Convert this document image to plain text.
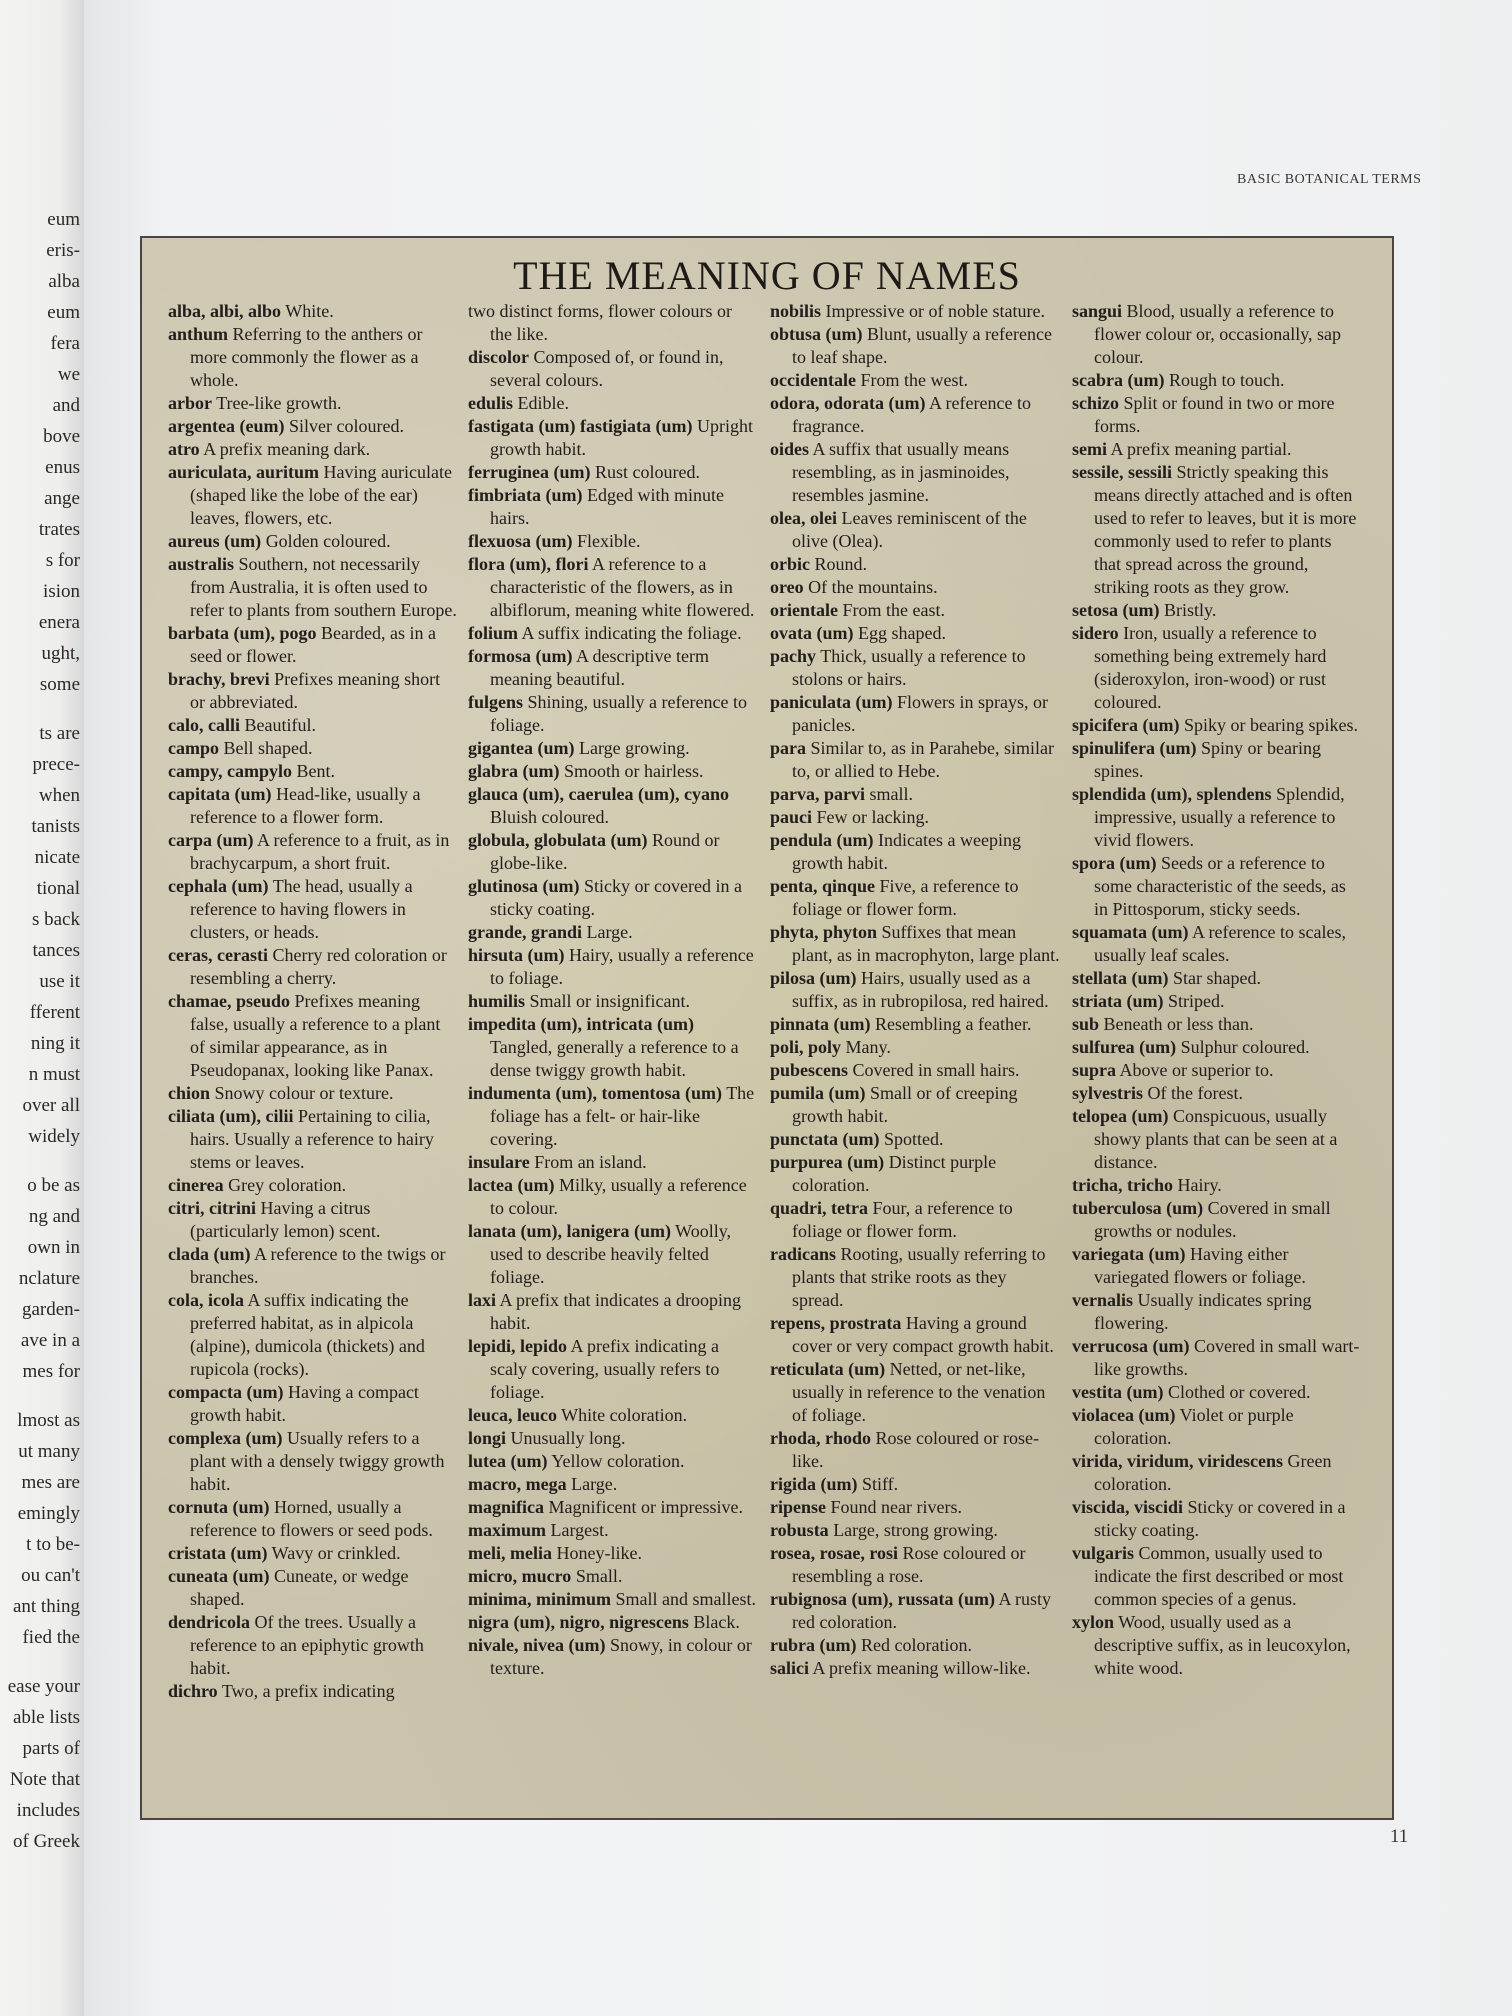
eum
eris-
alba
eum
fera
we
and
bove
enus
ange
trates
s for
ision
enera
ught,
some
ts are
prece-
when
tanists
nicate
tional
s back
tances
use it
fferent
ning it
n must
over all
widely
o be as
ng and
own in
nclature
garden-
ave in a
mes for
lmost as
ut many
mes are
emingly
t to be-
ou can't
ant thing
fied the
ease your
able lists
parts of
Note that
includes
of Greek
BASIC BOTANICAL TERMS
THE MEANING OF NAMES
alba, albi, albo White.
anthum Referring to the anthers or more commonly the flower as a whole.
arbor Tree-like growth.
argentea (eum) Silver coloured.
atro A prefix meaning dark.
auriculata, auritum Having auriculate (shaped like the lobe of the ear) leaves, flowers, etc.
aureus (um) Golden coloured.
australis Southern, not necessarily from Australia, it is often used to refer to plants from southern Europe.
barbata (um), pogo Bearded, as in a seed or flower.
brachy, brevi Prefixes meaning short or abbreviated.
calo, calli Beautiful.
campo Bell shaped.
campy, campylo Bent.
capitata (um) Head-like, usually a reference to a flower form.
carpa (um) A reference to a fruit, as in brachycarpum, a short fruit.
cephala (um) The head, usually a reference to having flowers in clusters, or heads.
ceras, cerasti Cherry red coloration or resembling a cherry.
chamae, pseudo Prefixes meaning false, usually a reference to a plant of similar appearance, as in Pseudopanax, looking like Panax.
chion Snowy colour or texture.
ciliata (um), cilii Pertaining to cilia, hairs. Usually a reference to hairy stems or leaves.
cinerea Grey coloration.
citri, citrini Having a citrus (particularly lemon) scent.
clada (um) A reference to the twigs or branches.
cola, icola A suffix indicating the preferred habitat, as in alpicola (alpine), dumicola (thickets) and rupicola (rocks).
compacta (um) Having a compact growth habit.
complexa (um) Usually refers to a plant with a densely twiggy growth habit.
cornuta (um) Horned, usually a reference to flowers or seed pods.
cristata (um) Wavy or crinkled.
cuneata (um) Cuneate, or wedge shaped.
dendricola Of the trees. Usually a reference to an epiphytic growth habit.
dichro Two, a prefix indicating
two distinct forms, flower colours or the like.
discolor Composed of, or found in, several colours.
edulis Edible.
fastigata (um) fastigiata (um) Upright growth habit.
ferruginea (um) Rust coloured.
fimbriata (um) Edged with minute hairs.
flexuosa (um) Flexible.
flora (um), flori A reference to a characteristic of the flowers, as in albiflorum, meaning white flowered.
folium A suffix indicating the foliage.
formosa (um) A descriptive term meaning beautiful.
fulgens Shining, usually a reference to foliage.
gigantea (um) Large growing.
glabra (um) Smooth or hairless.
glauca (um), caerulea (um), cyano Bluish coloured.
globula, globulata (um) Round or globe-like.
glutinosa (um) Sticky or covered in a sticky coating.
grande, grandi Large.
hirsuta (um) Hairy, usually a reference to foliage.
humilis Small or insignificant.
impedita (um), intricata (um) Tangled, generally a reference to a dense twiggy growth habit.
indumenta (um), tomentosa (um) The foliage has a felt- or hair-like covering.
insulare From an island.
lactea (um) Milky, usually a reference to colour.
lanata (um), lanigera (um) Woolly, used to describe heavily felted foliage.
laxi A prefix that indicates a drooping habit.
lepidi, lepido A prefix indicating a scaly covering, usually refers to foliage.
leuca, leuco White coloration.
longi Unusually long.
lutea (um) Yellow coloration.
macro, mega Large.
magnifica Magnificent or impressive.
maximum Largest.
meli, melia Honey-like.
micro, mucro Small.
minima, minimum Small and smallest.
nigra (um), nigro, nigrescens Black.
nivale, nivea (um) Snowy, in colour or texture.
nobilis Impressive or of noble stature.
obtusa (um) Blunt, usually a reference to leaf shape.
occidentale From the west.
odora, odorata (um) A reference to fragrance.
oides A suffix that usually means resembling, as in jasminoides, resembles jasmine.
olea, olei Leaves reminiscent of the olive (Olea).
orbic Round.
oreo Of the mountains.
orientale From the east.
ovata (um) Egg shaped.
pachy Thick, usually a reference to stolons or hairs.
paniculata (um) Flowers in sprays, or panicles.
para Similar to, as in Parahebe, similar to, or allied to Hebe.
parva, parvi small.
pauci Few or lacking.
pendula (um) Indicates a weeping growth habit.
penta, qinque Five, a reference to foliage or flower form.
phyta, phyton Suffixes that mean plant, as in macrophyton, large plant.
pilosa (um) Hairs, usually used as a suffix, as in rubropilosa, red haired.
pinnata (um) Resembling a feather.
poli, poly Many.
pubescens Covered in small hairs.
pumila (um) Small or of creeping growth habit.
punctata (um) Spotted.
purpurea (um) Distinct purple coloration.
quadri, tetra Four, a reference to foliage or flower form.
radicans Rooting, usually referring to plants that strike roots as they spread.
repens, prostrata Having a ground cover or very compact growth habit.
reticulata (um) Netted, or net-like, usually in reference to the venation of foliage.
rhoda, rhodo Rose coloured or rose-like.
rigida (um) Stiff.
ripense Found near rivers.
robusta Large, strong growing.
rosea, rosae, rosi Rose coloured or resembling a rose.
rubignosa (um), russata (um) A rusty red coloration.
rubra (um) Red coloration.
salici A prefix meaning willow-like.
sangui Blood, usually a reference to flower colour or, occasionally, sap colour.
scabra (um) Rough to touch.
schizo Split or found in two or more forms.
semi A prefix meaning partial.
sessile, sessili Strictly speaking this means directly attached and is often used to refer to leaves, but it is more commonly used to refer to plants that spread across the ground, striking roots as they grow.
setosa (um) Bristly.
sidero Iron, usually a reference to something being extremely hard (sideroxylon, iron-wood) or rust coloured.
spicifera (um) Spiky or bearing spikes.
spinulifera (um) Spiny or bearing spines.
splendida (um), splendens Splendid, impressive, usually a reference to vivid flowers.
spora (um) Seeds or a reference to some characteristic of the seeds, as in Pittosporum, sticky seeds.
squamata (um) A reference to scales, usually leaf scales.
stellata (um) Star shaped.
striata (um) Striped.
sub Beneath or less than.
sulfurea (um) Sulphur coloured.
supra Above or superior to.
sylvestris Of the forest.
telopea (um) Conspicuous, usually showy plants that can be seen at a distance.
tricha, tricho Hairy.
tuberculosa (um) Covered in small growths or nodules.
variegata (um) Having either variegated flowers or foliage.
vernalis Usually indicates spring flowering.
verrucosa (um) Covered in small wart-like growths.
vestita (um) Clothed or covered.
violacea (um) Violet or purple coloration.
virida, viridum, viridescens Green coloration.
viscida, viscidi Sticky or covered in a sticky coating.
vulgaris Common, usually used to indicate the first described or most common species of a genus.
xylon Wood, usually used as a descriptive suffix, as in leucoxylon, white wood.
11
